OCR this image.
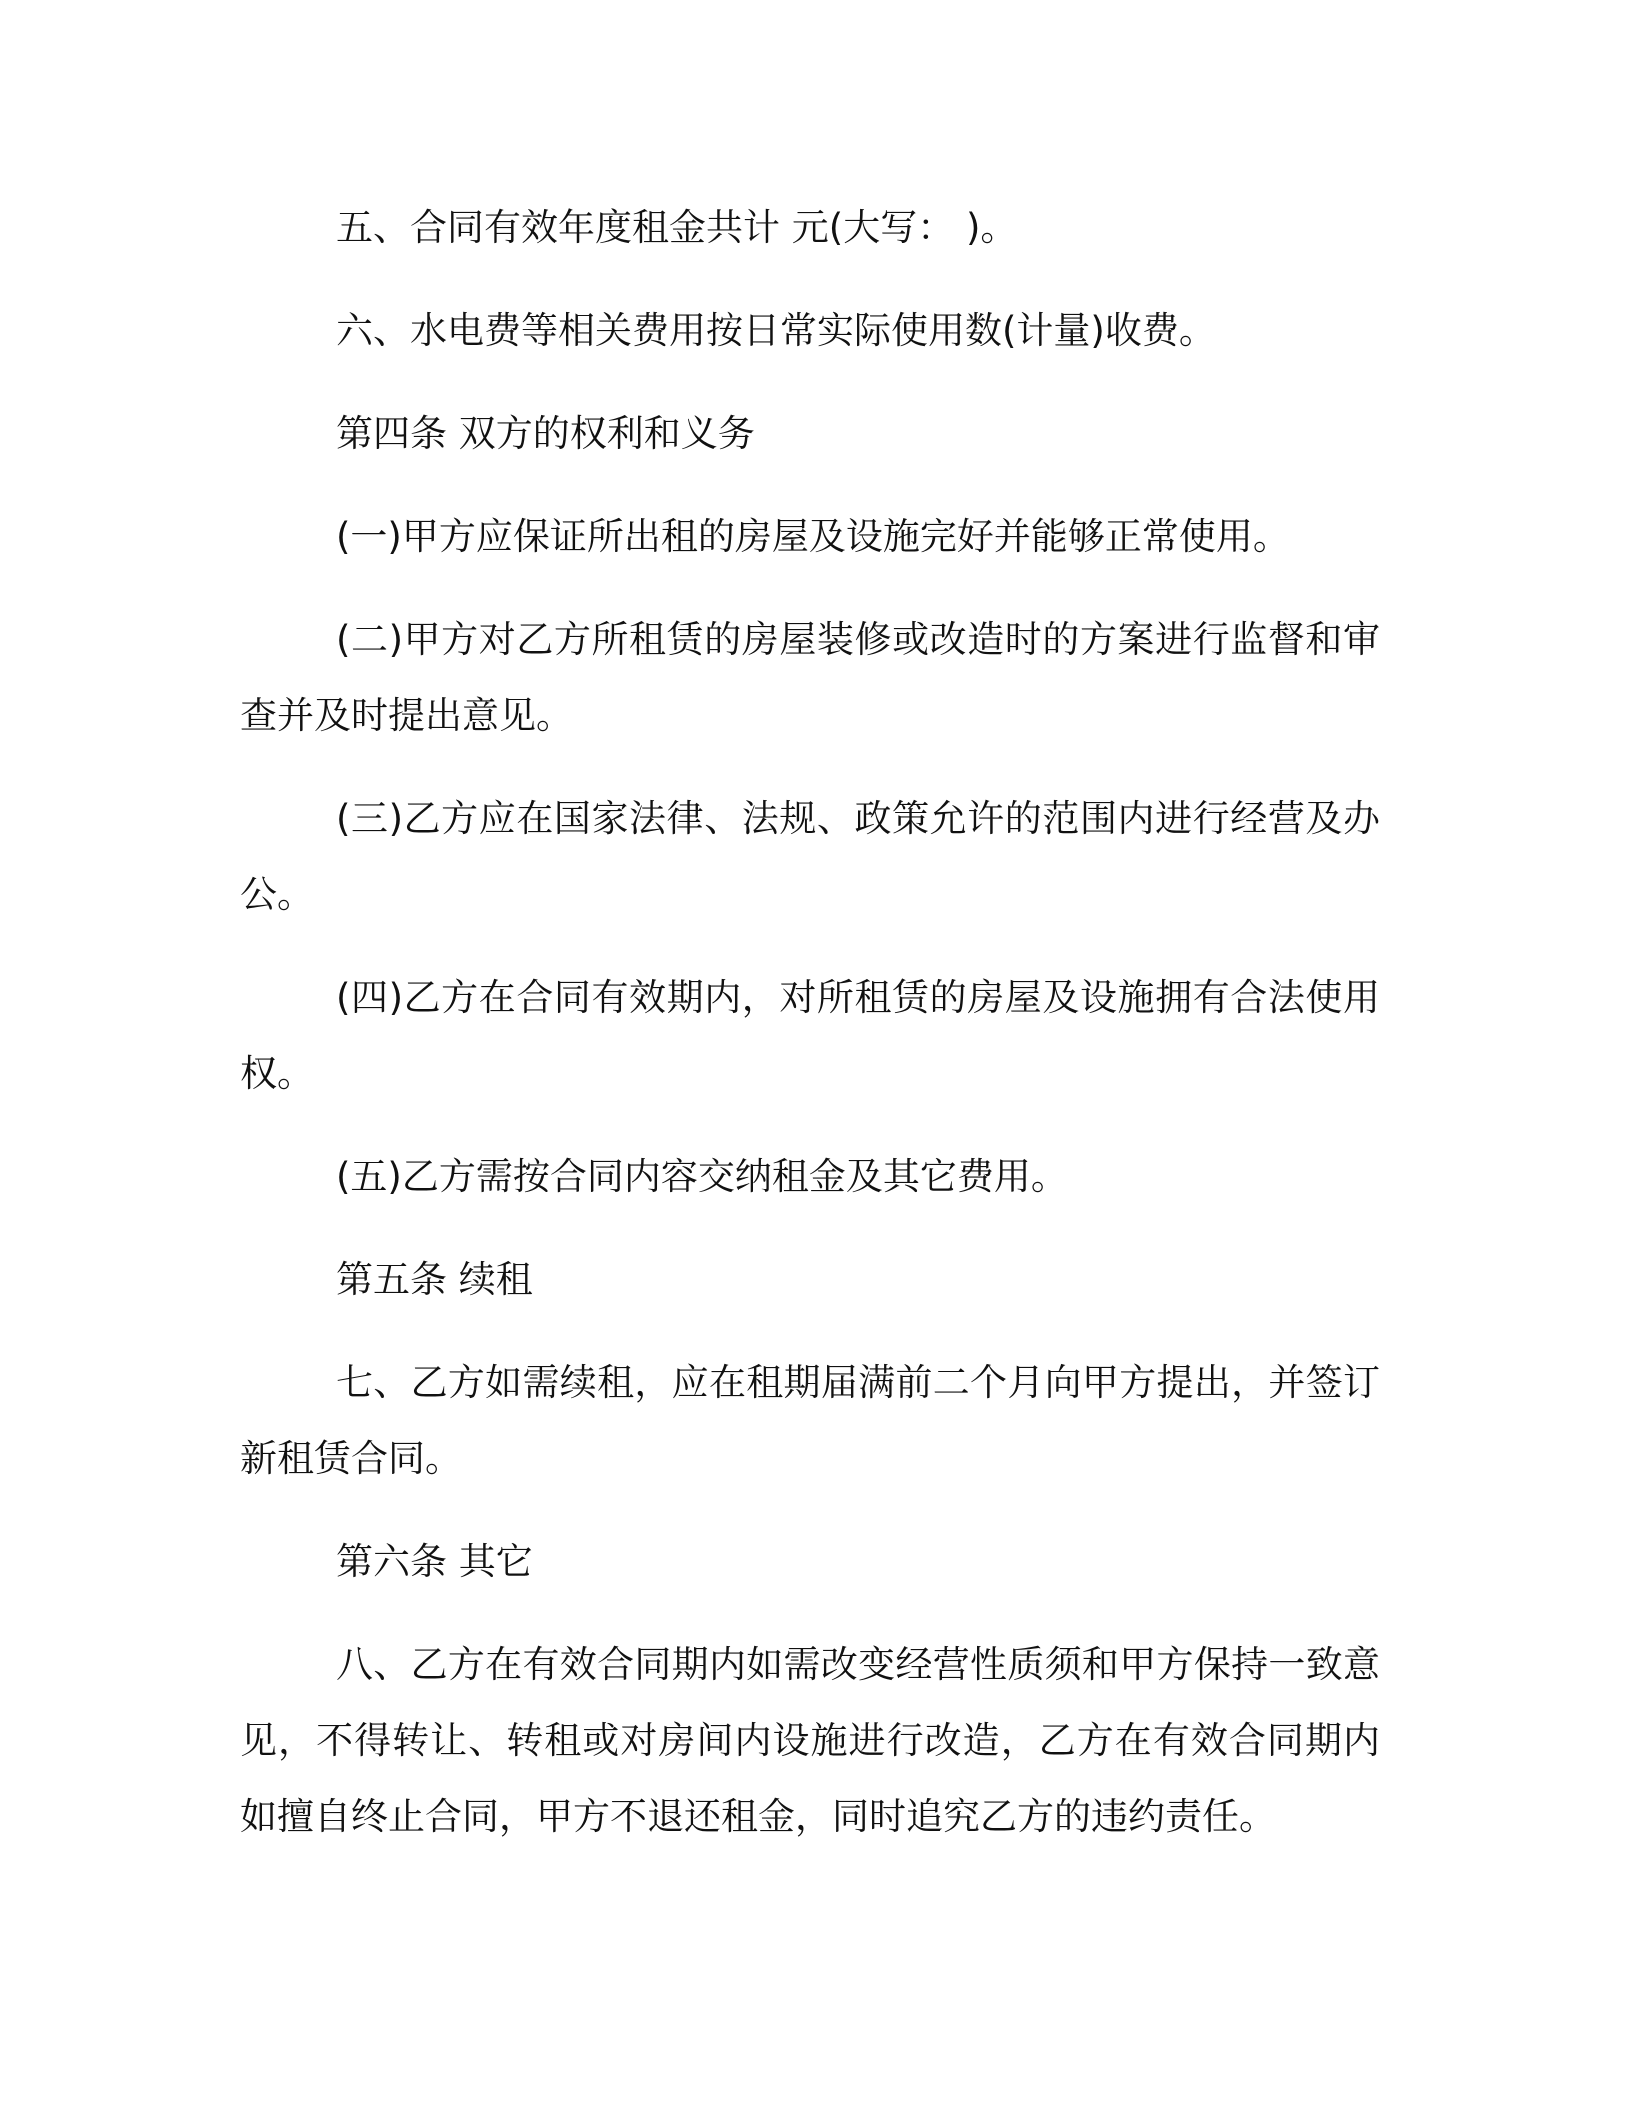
五、合同有效年度租金共计 元(大写： )。

六、水电费等相关费用按日常实际使用数(计量)收费。

第四条 双方的权利和义务

(一)甲方应保证所出租的房屋及设施完好并能够正常使用。

(二)甲方对乙方所租赁的房屋装修或改造时的方案进行监督和审查并及时提出意见。

(三)乙方应在国家法律、法规、政策允许的范围内进行经营及办公。

(四)乙方在合同有效期内，对所租赁的房屋及设施拥有合法使用权。

(五)乙方需按合同内容交纳租金及其它费用。

第五条 续租

七、乙方如需续租，应在租期届满前二个月向甲方提出，并签订新租赁合同。

第六条 其它

八、乙方在有效合同期内如需改变经营性质须和甲方保持一致意见，不得转让、转租或对房间内设施进行改造，乙方在有效合同期内如擅自终止合同，甲方不退还租金，同时追究乙方的违约责任。
